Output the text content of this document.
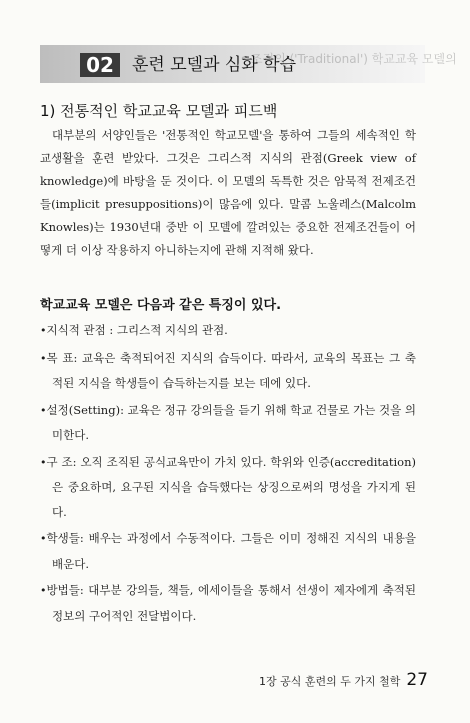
• 조직의 ('Traditional') 학교교육 모델의
02	훈련 모델과 심화 학습
1) 전통적인 학교교육 모델과 피드백

대부분의 서양인들은 '전통적인 학교모델'을 통하여 그들의 세속적인 학교생활을 훈련 받았다. 그것은 그리스적 지식의 관점(Greek view of knowledge)에 바탕을 둔 것이다. 이 모델의 독특한 것은 암묵적 전제조건들(implicit presuppositions)이 많음에 있다. 말콤 노울레스(Malcolm Knowles)는 1930년대 중반 이 모델에 깔려있는 중요한 전제조건들이 어떻게 더 이상 작용하지 아니하는지에 관해 지적해 왔다.

학교교육 모델은 다음과 같은 특징이 있다.
•지식적 관점 : 그리스적 지식의 관점.
•목 표: 교육은 축적되어진 지식의 습득이다. 따라서, 교육의 목표는 그 축적된 지식을 학생들이 습득하는지를 보는 데에 있다.
•설정(Setting): 교육은 정규 강의들을 듣기 위해 학교 건물로 가는 것을 의미한다.
•구 조: 오직 조직된 공식교육만이 가치 있다. 학위와 인증(accreditation)은 중요하며, 요구된 지식을 습득했다는 상징으로써의 명성을 가지게 된다.
•학생들: 배우는 과정에서 수동적이다. 그들은 이미 정해진 지식의 내용을 배운다.
•방법들: 대부분 강의들, 책들, 에세이들을 통해서 선생이 제자에게 축적된 정보의 구어적인 전달법이다.
1장 공식 훈련의 두 가지 철학 27
